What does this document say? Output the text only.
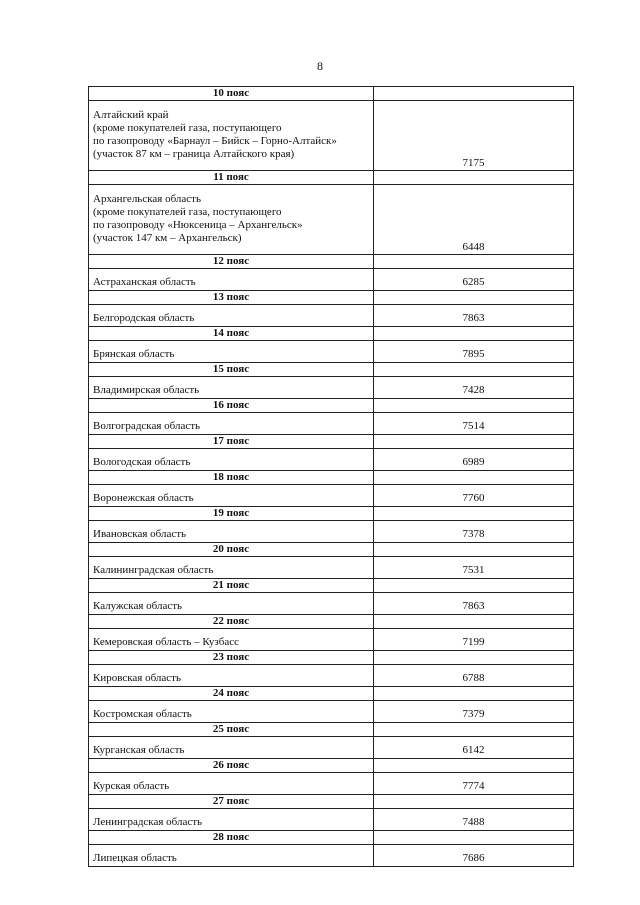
8
10 пояс	

Алтайский край
(кроме покупателей газа, поступающего
по газопроводу «Барнаул – Бийск – Горно-Алтайск»
(участок 87 км – граница Алтайского края)	7175
11 пояс	

Архангельская область
(кроме покупателей газа, поступающего
по газопроводу «Нюксеница – Архангельск»
(участок 147 км – Архангельск)	6448
12 пояс	

Астраханская область	6285
13 пояс	

Белгородская область	7863
14 пояс	

Брянская область	7895
15 пояс	

Владимирская область	7428
16 пояс	

Волгоградская область	7514
17 пояс	

Вологодская область	6989
18 пояс	

Воронежская область	7760
19 пояс	

Ивановская область	7378
20 пояс	

Калининградская область	7531
21 пояс	

Калужская область	7863
22 пояс	

Кемеровская область – Кузбасс	7199
23 пояс	

Кировская область	6788
24 пояс	

Костромская область	7379
25 пояс	

Курганская область	6142
26 пояс	

Курская область	7774
27 пояс	

Ленинградская область	7488
28 пояс	

Липецкая область	7686
